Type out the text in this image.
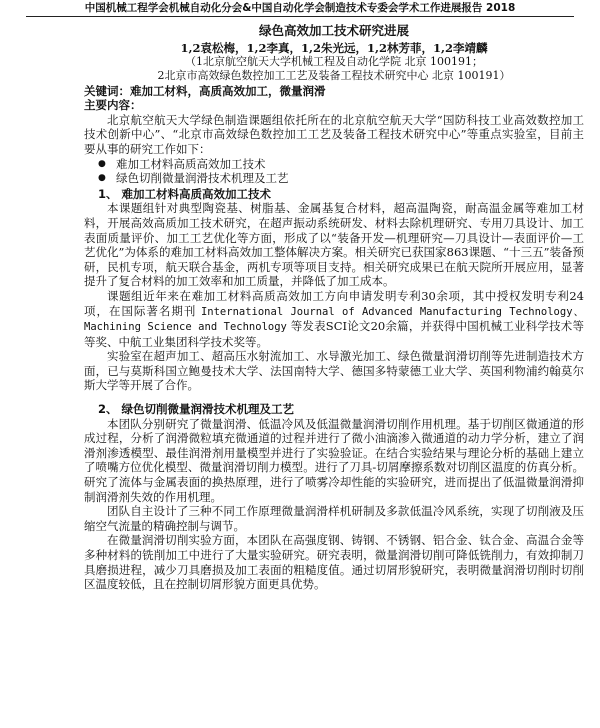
中国机械工程学会机械自动化分会&中国自动化学会制造技术专委会学术工作进展报告 2018
绿色高效加工技术研究进展
1,2袁松梅，1,2李真，1,2朱光远，1,2林芳菲，1,2李靖麟
（1北京航空航天大学机械工程及自动化学院 北京 100191；
2北京市高效绿色数控加工工艺及装备工程技术研究中心 北京 100191）
关键词：难加工材料，高质高效加工，微量润滑
主要内容：

北京航空航天大学绿色制造课题组依托所在的北京航空航天大学“国防科技工业高效数控加工技术创新中心”、“北京市高效绿色数控加工工艺及装备工程技术研究中心”等重点实验室，目前主要从事的研究工作如下：

● 难加工材料高质高效加工技术
● 绿色切削微量润滑技术机理及工艺
1、 难加工材料高质高效加工技术

本课题组针对典型陶瓷基、树脂基、金属基复合材料，超高温陶瓷，耐高温金属等难加工材料，开展高效高质加工技术研究，在超声振动系统研发、材料去除机理研究、专用刀具设计、加工表面质量评价、加工工艺优化等方面，形成了以“装备开发—机理研究—刀具设计—表面评价—工艺优化”为体系的难加工材料高效加工整体解决方案。相关研究已获国家863课题、“十三五”装备预研，民机专项，航天联合基金，两机专项等项目支持。相关研究成果已在航天院所开展应用，显著提升了复合材料的加工效率和加工质量，并降低了加工成本。

课题组近年来在难加工材料高质高效加工方向申请发明专利30余项，其中授权发明专利24项，在国际著名期刊 International Journal of Advanced Manufacturing Technology、Machining Science and Technology 等发表SCI论文20余篇，并获得中国机械工业科学技术等等奖、中航工业集团科学技术奖等。

实验室在超声加工、超高压水射流加工、水导激光加工、绿色微量润滑切削等先进制造技术方面，已与莫斯科国立鲍曼技术大学、法国南特大学、德国多特蒙德工业大学、英国利物浦约翰莫尔斯大学等开展了合作。

2、 绿色切削微量润滑技术机理及工艺

本团队分别研究了微量润滑、低温冷风及低温微量润滑切削作用机理。基于切削区微通道的形成过程，分析了润滑微粒填充微通道的过程并进行了微小油滴渗入微通道的动力学分析，建立了润滑剂渗透模型、最佳润滑剂用量模型并进行了实验验证。在结合实验结果与理论分析的基础上建立了喷嘴方位优化模型、微量润滑切削力模型。进行了刀具-切屑摩擦系数对切削区温度的仿真分析。研究了流体与金属表面的换热原理，进行了喷雾冷却性能的实验研究，进而提出了低温微量润滑抑制润滑剂失效的作用机理。

团队自主设计了三种不同工作原理微量润滑样机研制及多款低温冷风系统，实现了切削液及压缩空气流量的精确控制与调节。

在微量润滑切削实验方面，本团队在高强度钢、铸钢、不锈钢、铝合金、钛合金、高温合金等多种材料的铣削加工中进行了大量实验研究。研究表明，微量润滑切削可降低铣削力，有效抑制刀具磨损进程，减少刀具磨损及加工表面的粗糙度值。通过切屑形貌研究，表明微量润滑切削时切削区温度较低，且在控制切屑形貌方面更具优势。
